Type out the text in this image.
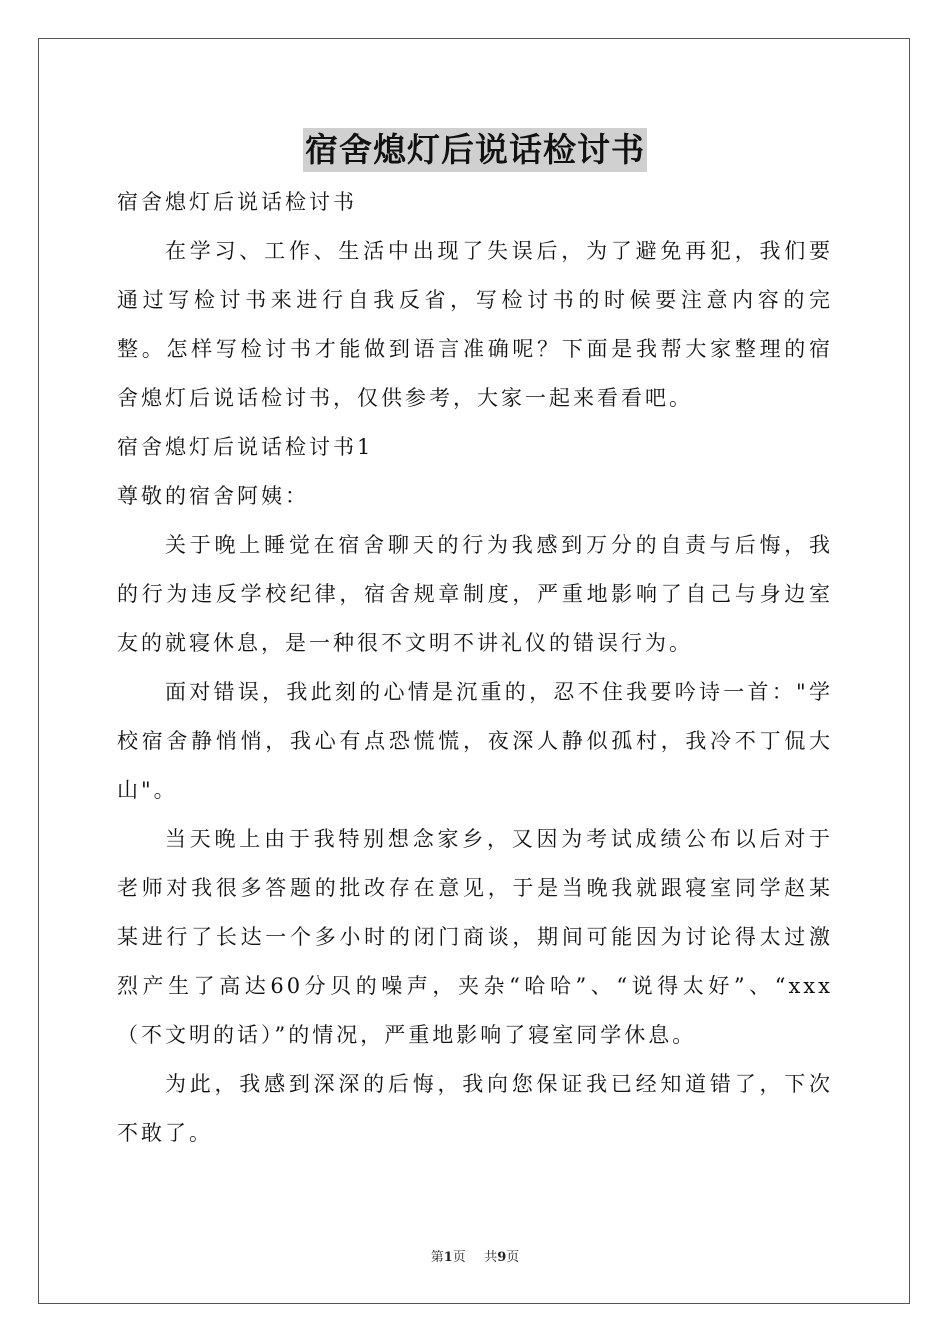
宿舍熄灯后说话检讨书

宿舍熄灯后说话检讨书

在学习、工作、生活中出现了失误后，为了避免再犯，我们要通过写检讨书来进行自我反省，写检讨书的时候要注意内容的完整。怎样写检讨书才能做到语言准确呢？下面是我帮大家整理的宿舍熄灯后说话检讨书，仅供参考，大家一起来看看吧。

宿舍熄灯后说话检讨书1

尊敬的宿舍阿姨：

关于晚上睡觉在宿舍聊天的行为我感到万分的自责与后悔，我的行为违反学校纪律，宿舍规章制度，严重地影响了自己与身边室友的就寝休息，是一种很不文明不讲礼仪的错误行为。

面对错误，我此刻的心情是沉重的，忍不住我要吟诗一首："学校宿舍静悄悄，我心有点恐慌慌，夜深人静似孤村，我冷不丁侃大山"。

当天晚上由于我特别想念家乡，又因为考试成绩公布以后对于老师对我很多答题的批改存在意见，于是当晚我就跟寝室同学赵某某进行了长达一个多小时的闭门商谈，期间可能因为讨论得太过激烈产生了高达60分贝的噪声，夹杂“哈哈”、“说得太好”、“xxx（不文明的话）”的情况，严重地影响了寝室同学休息。

为此，我感到深深的后悔，我向您保证我已经知道错了，下次不敢了。

第1页 共9页
